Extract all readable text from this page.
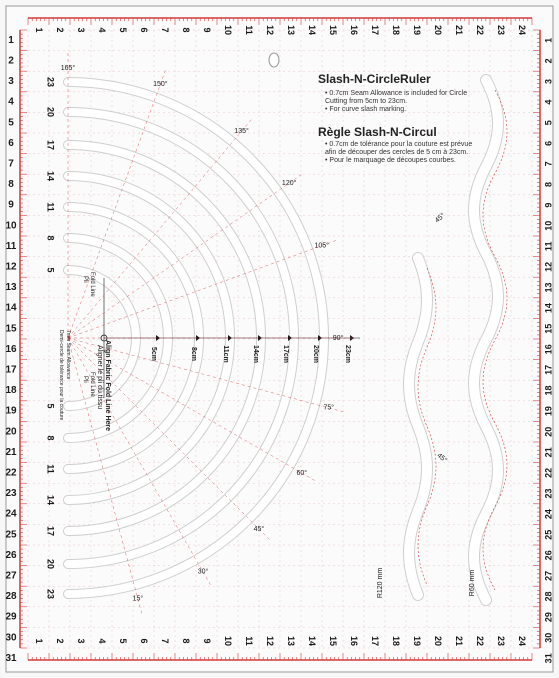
1
1
2
2
3
3
4
4
5
5
6
6
7
7
8
8
9
9
10
10
11
11
12
12
13
13
14
14
15
15
16
16
17
17
18
18
19
19
20
20
21
21
22
22
23
23
24
24
1	1
2	2
3	3
4	4
5	5
6	6
7	7
8	8
9	9
10	10
11	11
12	12
13	13
14	14
15	15
16	16
17	17
18	18
19	19
20	20
21	21
22	22
23	23
24	24
25	25
26	26
27	27
28	28
29	29
30	30
31	31
23
20
17
14
11
8
5
5
8
11
14
17
20
23
5cm	8cm	11cm	14cm	17cm	20cm	23cm
165°
150°
135°
120°
105°
90°
75°
60°
45°
30°
15°
45°
45°
R120 mm	R60 mm
Slash-N-CircleRuler
• 0.7cm Seam Allowance is included for Circle Cutting from 5cm to 23cm.
• For curve slash marking.
Règle Slash-N-Circul
• 0.7cm de tolérance pour la couture est prévue afin de découper des cercles de 5 cm à 23cm.
• Pour le marquage de découpes courbes.
Align Fabric Fold Line Here
Aligner le pli du tissu
Fold Line
Pli
Fold Line
Pli
7mm Seam Allowance
Demi-cercle de tolérance pour la couture
